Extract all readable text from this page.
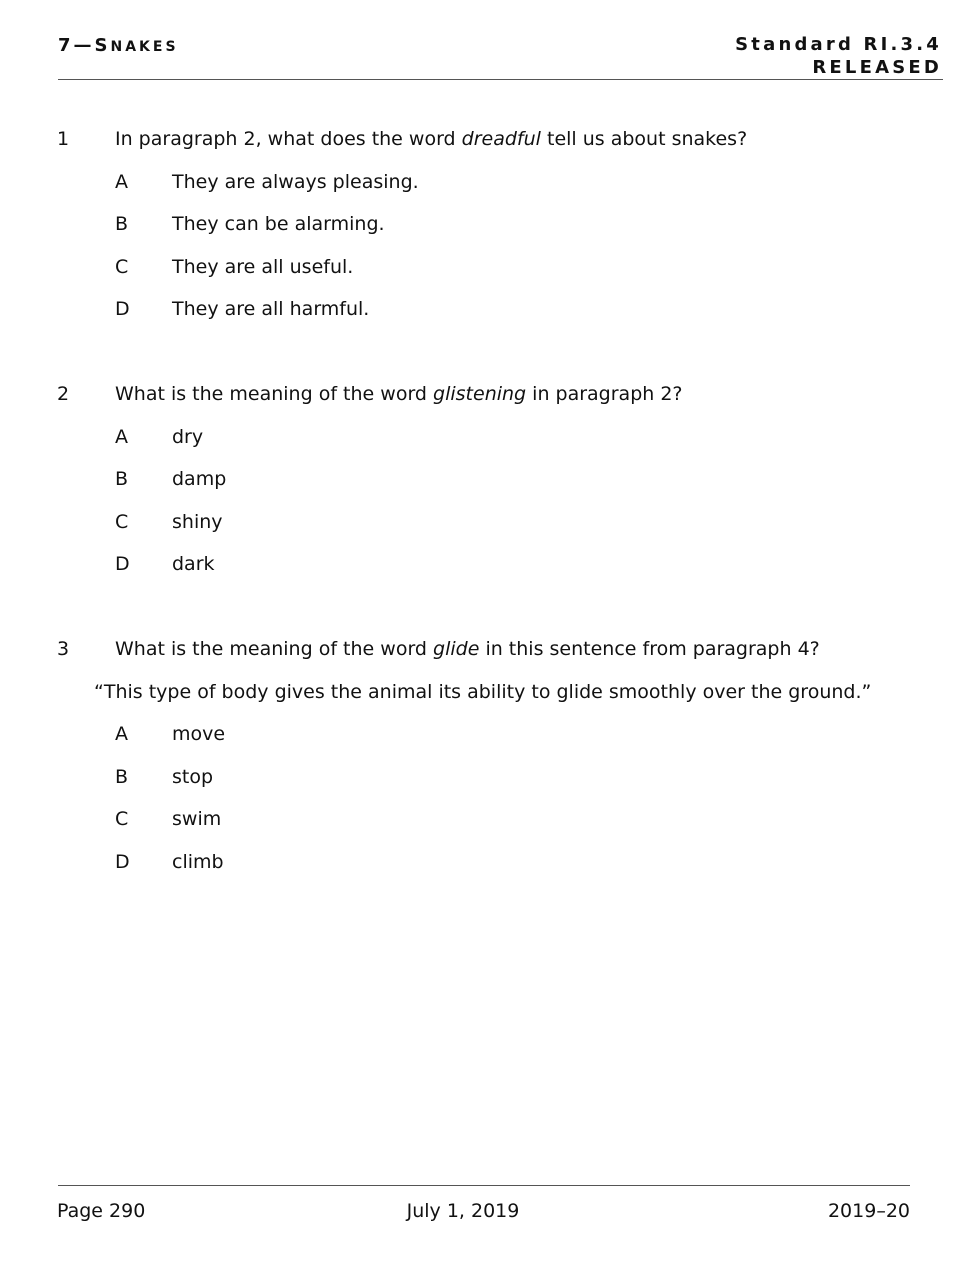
7—SNAKES	Standard RI.3.4
RELEASED
1 In paragraph 2, what does the word dreadful tell us about snakes?
A They are always pleasing.
B They can be alarming.
C They are all useful.
D They are all harmful.
2 What is the meaning of the word glistening in paragraph 2?
A dry
B damp
C shiny
D dark
3 What is the meaning of the word glide in this sentence from paragraph 4?
“This type of body gives the animal its ability to glide smoothly over the ground.”
A move
B stop
C swim
D climb
Page 290	July 1, 2019	2019–20
